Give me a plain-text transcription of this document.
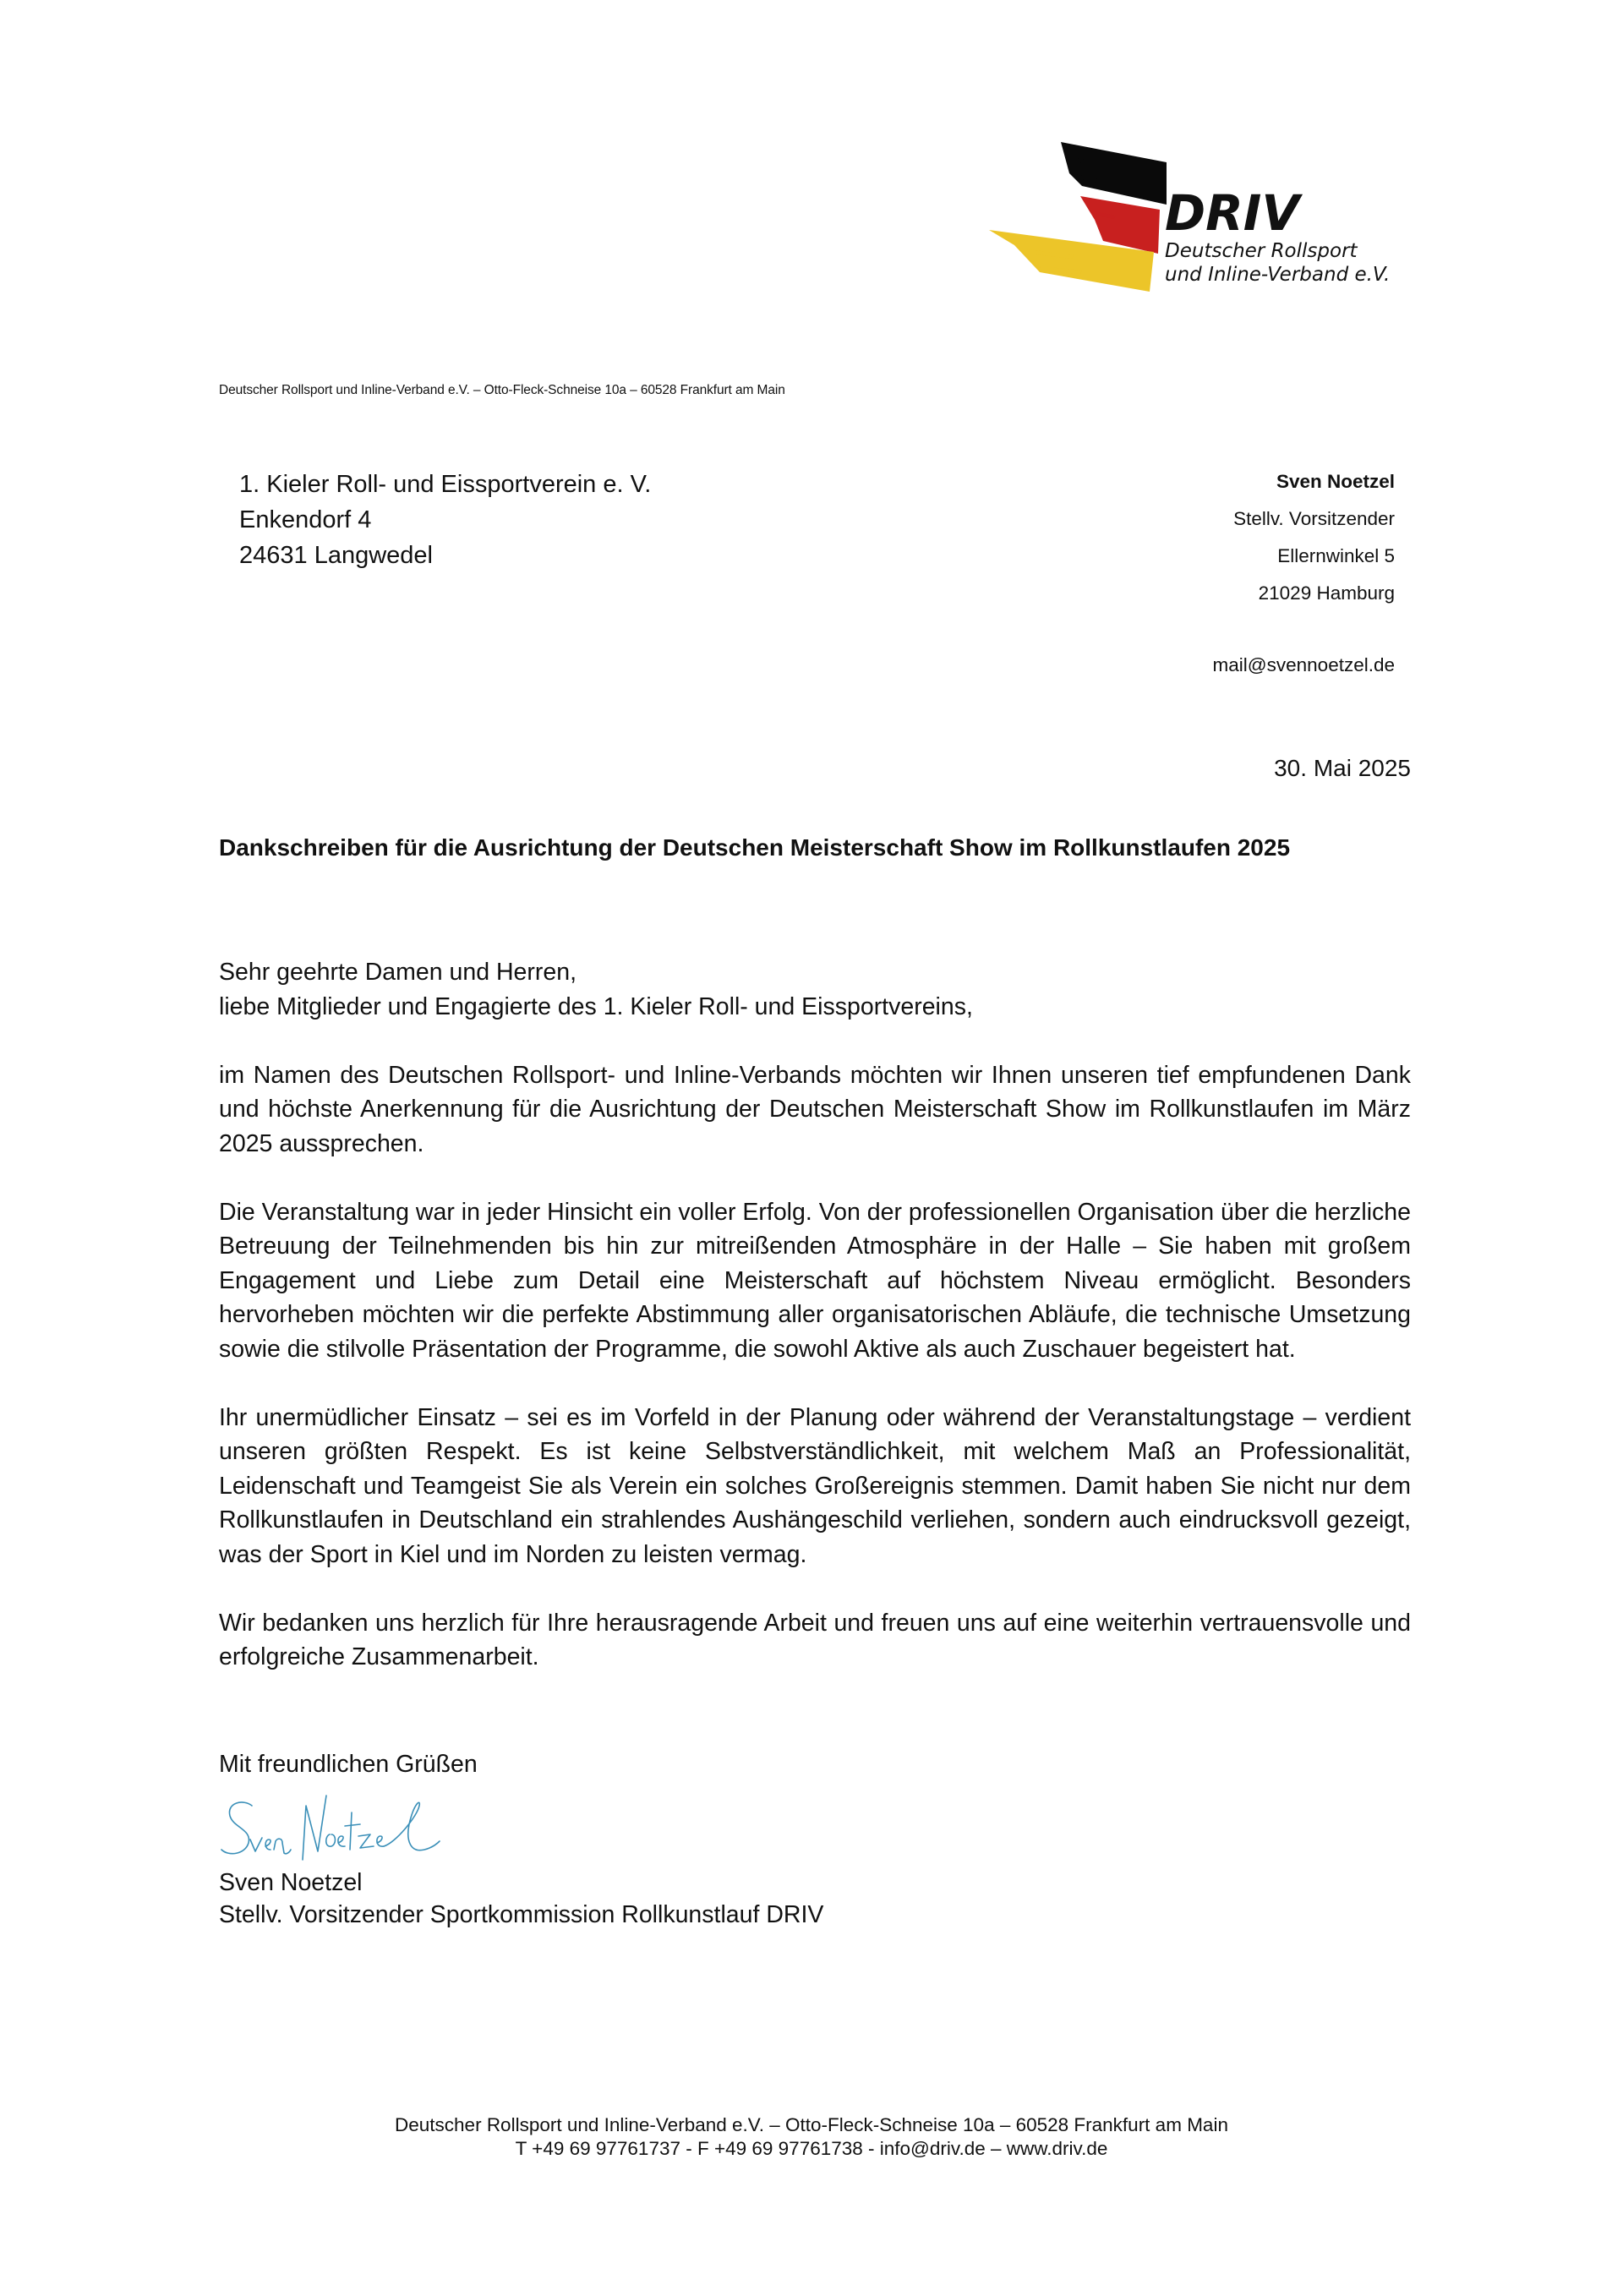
DRIV
Deutscher Rollsport
und Inline-Verband e.V.
Deutscher Rollsport und Inline-Verband e.V. – Otto-Fleck-Schneise 10a – 60528 Frankfurt am Main
1. Kieler Roll- und Eissportverein e. V.
Enkendorf 4
24631 Langwedel
Sven Noetzel
Stellv. Vorsitzender
Ellernwinkel 5
21029 Hamburg
mail@svennoetzel.de
30. Mai 2025
Dankschreiben für die Ausrichtung der Deutschen Meisterschaft Show im Rollkunstlaufen 2025
Sehr geehrte Damen und Herren,
liebe Mitglieder und Engagierte des 1. Kieler Roll- und Eissportvereins,

im Namen des Deutschen Rollsport- und Inline-Verbands möchten wir Ihnen unseren tief empfundenen Dank und höchste Anerkennung für die Ausrichtung der Deutschen Meisterschaft Show im Rollkunstlaufen im März 2025 aussprechen.

Die Veranstaltung war in jeder Hinsicht ein voller Erfolg. Von der professionellen Organisation über die herzliche Betreuung der Teilnehmenden bis hin zur mitreißenden Atmosphäre in der Halle – Sie haben mit großem Engagement und Liebe zum Detail eine Meisterschaft auf höchstem Niveau ermöglicht. Besonders hervorheben möchten wir die perfekte Abstimmung aller organisatorischen Abläufe, die technische Umsetzung sowie die stilvolle Präsentation der Programme, die sowohl Aktive als auch Zuschauer begeistert hat.

Ihr unermüdlicher Einsatz – sei es im Vorfeld in der Planung oder während der Veranstaltungstage – verdient unseren größten Respekt. Es ist keine Selbstverständlichkeit, mit welchem Maß an Professionalität, Leidenschaft und Teamgeist Sie als Verein ein solches Großereignis stemmen. Damit haben Sie nicht nur dem Rollkunstlaufen in Deutschland ein strahlendes Aushängeschild verliehen, sondern auch eindrucksvoll gezeigt, was der Sport in Kiel und im Norden zu leisten vermag.

Wir bedanken uns herzlich für Ihre herausragende Arbeit und freuen uns auf eine weiterhin vertrauensvolle und erfolgreiche Zusammenarbeit.

Mit freundlichen Grüßen
Sven Noetzel
Stellv. Vorsitzender Sportkommission Rollkunstlauf DRIV
Deutscher Rollsport und Inline-Verband e.V. – Otto-Fleck-Schneise 10a – 60528 Frankfurt am Main
T +49 69 97761737 - F +49 69 97761738 - info@driv.de – www.driv.de
